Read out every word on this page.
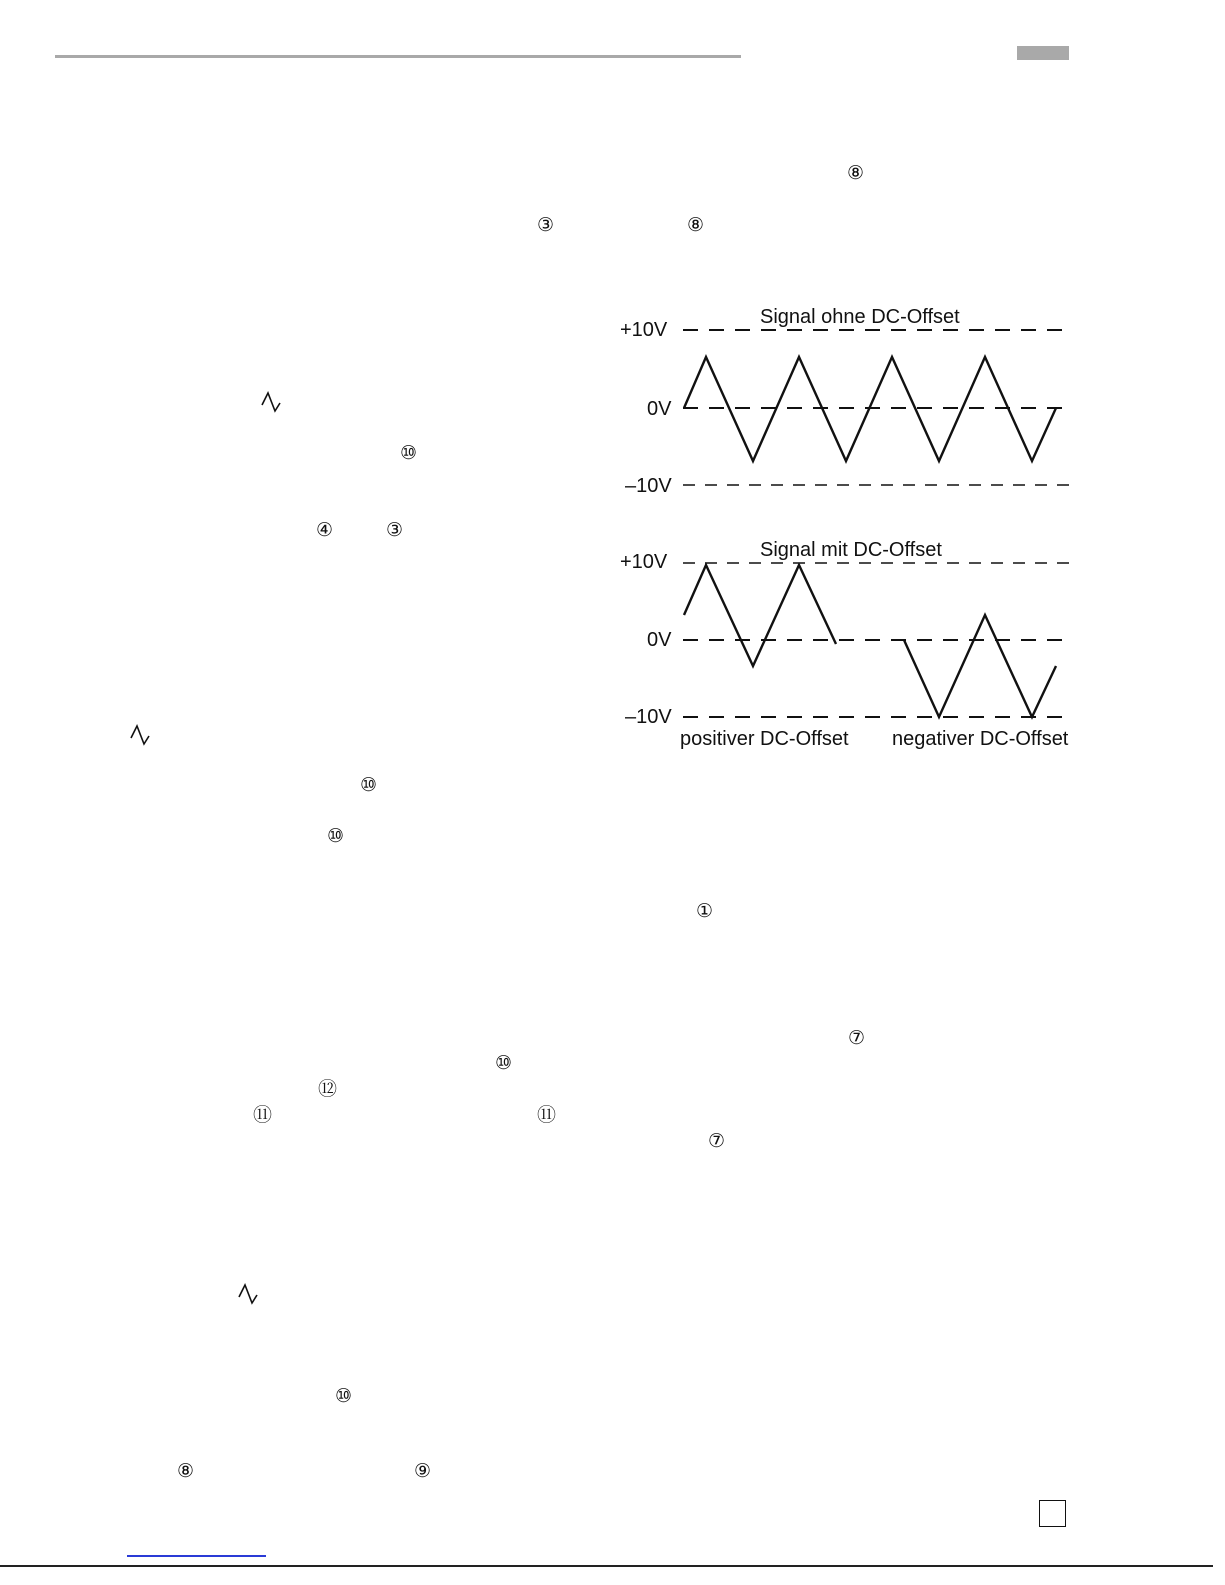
⑧
③	⑧
⑩
④	③
⑩
⑩
①
⑦
⑩
⑫
⑪	⑪
⑦
⑩
⑧	⑨
Signal ohne DC-Offset
+10V
0V
–10V
Signal mit DC-Offset
+10V
0V
–10V
positiver DC-Offset negativer DC-Offset
